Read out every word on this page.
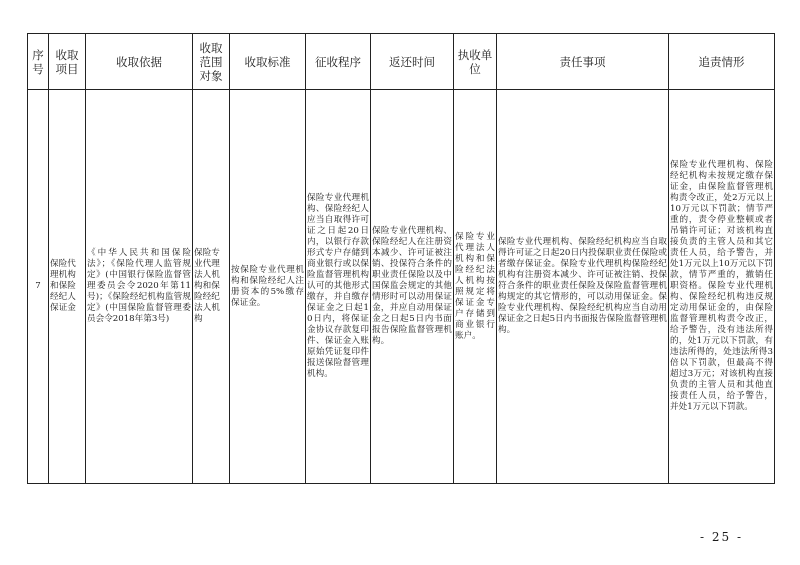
序号	收取项目	收取依据	收取范围对象	收取标准	征收程序	返还时间	执收单位	责任事项	追责情形
7	保险代理机构和保险经纪人保证金	《中华人民共和国保险法》；《保险代理人监管规定》(中国银行保险监督管理委员会令2020年第11号)；《保险经纪机构监管规定》(中国保险监督管理委员会令2018年第3号)	保险专业代理法人机构和保险经纪法人机构	按保险专业代理机构和保险经纪人注册资本的5%缴存保证金。	保险专业代理机构、保险经纪人应当自取得许可证之日起20日内，以银行存款形式专户存储到商业银行或以保险监督管理机构认可的其他形式缴存，并自缴存保证金之日起10日内，将保证金协议存款复印件、保证金入账原始凭证复印件报送保险督管理机构。	保险专业代理机构、保险经纪人在注册资本减少、许可证被注销、投保符合条件的职业责任保险以及中国保监会规定的其他情形时可以动用保证金，并应自动用保证金之日起5日内书面报告保险监督管理机构。	保险专业代理法人机构和保险经纪法人机构按照规定将保证金专户存储到商业银行账户。	保险专业代理机构、保险经纪机构应当自取得许可证之日起20日内投保职业责任保险或者缴存保证金。保险专业代理机构保险经纪机构有注册资本减少、许可证被注销、投保符合条件的职业责任保险及保险监督管理机构规定的其它情形的，可以动用保证金。保险专业代理机构、保险经纪机构应当自动用保证金之日起5日内书面报告保险监督管理机构。	保险专业代理机构、保险经纪机构未按规定缴存保证金，由保险监督管理机构责令改正，处2万元以上10万元以下罚款；情节严重的，责令停业整顿或者吊销许可证；对该机构直接负责的主管人员和其它责任人员，给予警告，并处1万元以上10万元以下罚款，情节严重的，撤销任职资格。保险专业代理机构、保险经纪机构违反规定动用保证金的，由保险监督管理机构责令改正，给予警告，没有违法所得的，处1万元以下罚款，有违法所得的，处违法所得3倍以下罚款，但最高不得超过3万元；对该机构直接负责的主管人员和其他直接责任人员，给予警告，并处1万元以下罚款。
- 25 -
